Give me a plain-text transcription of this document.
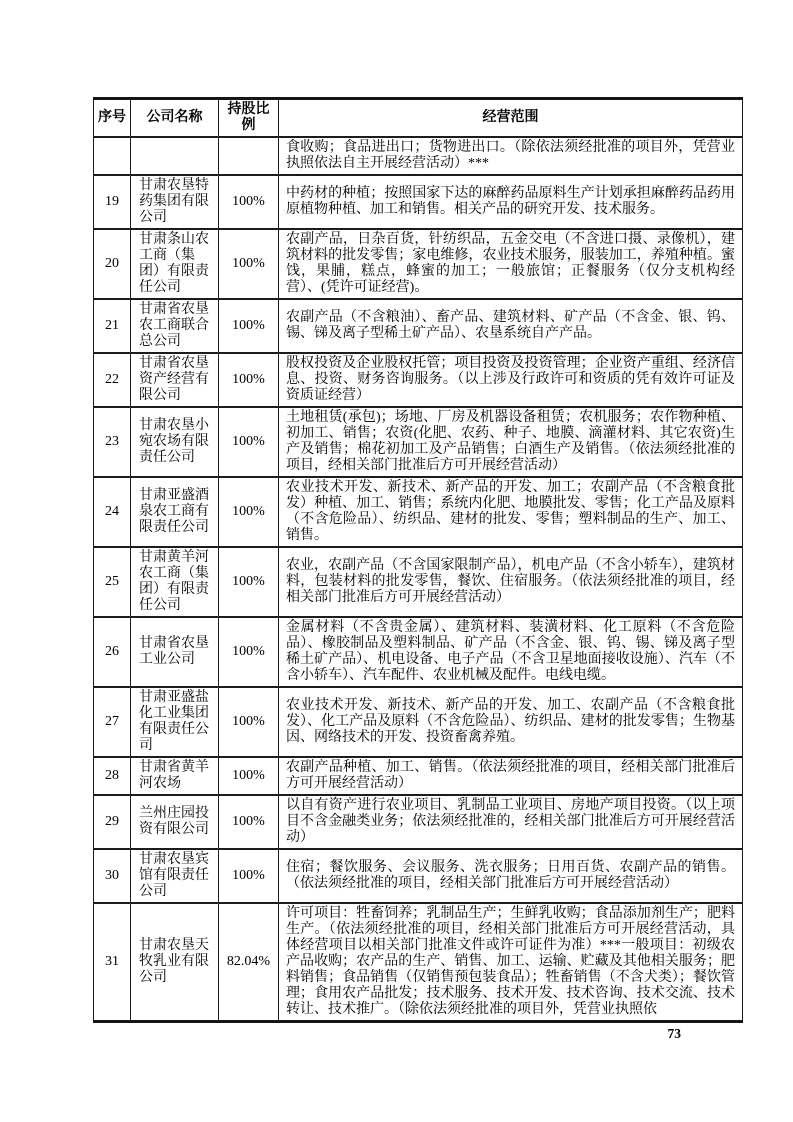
序号	公司名称	持股比例	经营范围
			食收购；食品进出口；货物进出口。（除依法须经批准的项目外，凭营业执照依法自主开展经营活动）***
19	甘肃农垦特药集团有限公司	100%	中药材的种植；按照国家下达的麻醉药品原料生产计划承担麻醉药品药用原植物种植、加工和销售。相关产品的研究开发、技术服务。
20	甘肃条山农工商（集团）有限责任公司	100%	农副产品，日杂百货，针纺织品，五金交电（不含进口摄、录像机），建筑材料的批发零售；家电维修，农业技术服务，服装加工，养殖种植。蜜饯，果脯，糕点，蜂蜜的加工；一般旅馆；正餐服务（仅分支机构经营）、(凭许可证经营)。
21	甘肃省农垦农工商联合总公司	100%	农副产品（不含粮油）、畜产品、建筑材料、矿产品（不含金、银、钨、锡、锑及离子型稀土矿产品）、农垦系统自产产品。
22	甘肃省农垦资产经营有限公司	100%	股权投资及企业股权托管；项目投资及投资管理；企业资产重组、经济信息、投资、财务咨询服务。（以上涉及行政许可和资质的凭有效许可证及资质证经营）
23	甘肃农垦小宛农场有限责任公司	100%	土地租赁(承包)；场地、厂房及机器设备租赁；农机服务；农作物种植、初加工、销售；农资(化肥、农药、种子、地膜、滴灌材料、其它农资)生产及销售；棉花初加工及产品销售；白酒生产及销售。（依法须经批准的项目，经相关部门批准后方可开展经营活动）
24	甘肃亚盛酒泉农工商有限责任公司	100%	农业技术开发、新技术、新产品的开发、加工；农副产品（不含粮食批发）种植、加工、销售；系统内化肥、地膜批发、零售；化工产品及原料（不含危险品）、纺织品、建材的批发、零售；塑料制品的生产、加工、销售。
25	甘肃黄羊河农工商（集团）有限责任公司	100%	农业，农副产品（不含国家限制产品），机电产品（不含小轿车），建筑材料，包装材料的批发零售，餐饮、住宿服务。（依法须经批准的项目，经相关部门批准后方可开展经营活动）
26	甘肃省农垦工业公司	100%	金属材料（不含贵金属）、建筑材料、装潢材料、化工原料（不含危险品）、橡胶制品及塑料制品、矿产品（不含金、银、钨、锡、锑及离子型稀土矿产品）、机电设备、电子产品（不含卫星地面接收设施）、汽车（不含小轿车）、汽车配件、农业机械及配件。电线电缆。
27	甘肃亚盛盐化工业集团有限责任公司	100%	农业技术开发、新技术、新产品的开发、加工、农副产品（不含粮食批发）、化工产品及原料（不含危险品）、纺织品、建材的批发零售；生物基因、网络技术的开发、投资畜禽养殖。
28	甘肃省黄羊河农场	100%	农副产品种植、加工、销售。（依法须经批准的项目，经相关部门批准后方可开展经营活动）
29	兰州庄园投资有限公司	100%	以自有资产进行农业项目、乳制品工业项目、房地产项目投资。（以上项目不含金融类业务；依法须经批准的，经相关部门批准后方可开展经营活动）
30	甘肃农垦宾馆有限责任公司	100%	住宿；餐饮服务、会议服务、洗衣服务；日用百货、农副产品的销售。（依法须经批准的项目，经相关部门批准后方可开展经营活动）
31	甘肃农垦天牧乳业有限公司	82.04%	许可项目：牲畜饲养；乳制品生产；生鲜乳收购；食品添加剂生产；肥料生产。（依法须经批准的项目，经相关部门批准后方可开展经营活动，具体经营项目以相关部门批准文件或许可证件为准）***一般项目：初级农产品收购；农产品的生产、销售、加工、运输、贮藏及其他相关服务；肥料销售；食品销售（仅销售预包装食品）；牲畜销售（不含犬类）；餐饮管理；食用农产品批发；技术服务、技术开发、技术咨询、技术交流、技术转让、技术推广。（除依法须经批准的项目外，凭营业执照依
73
